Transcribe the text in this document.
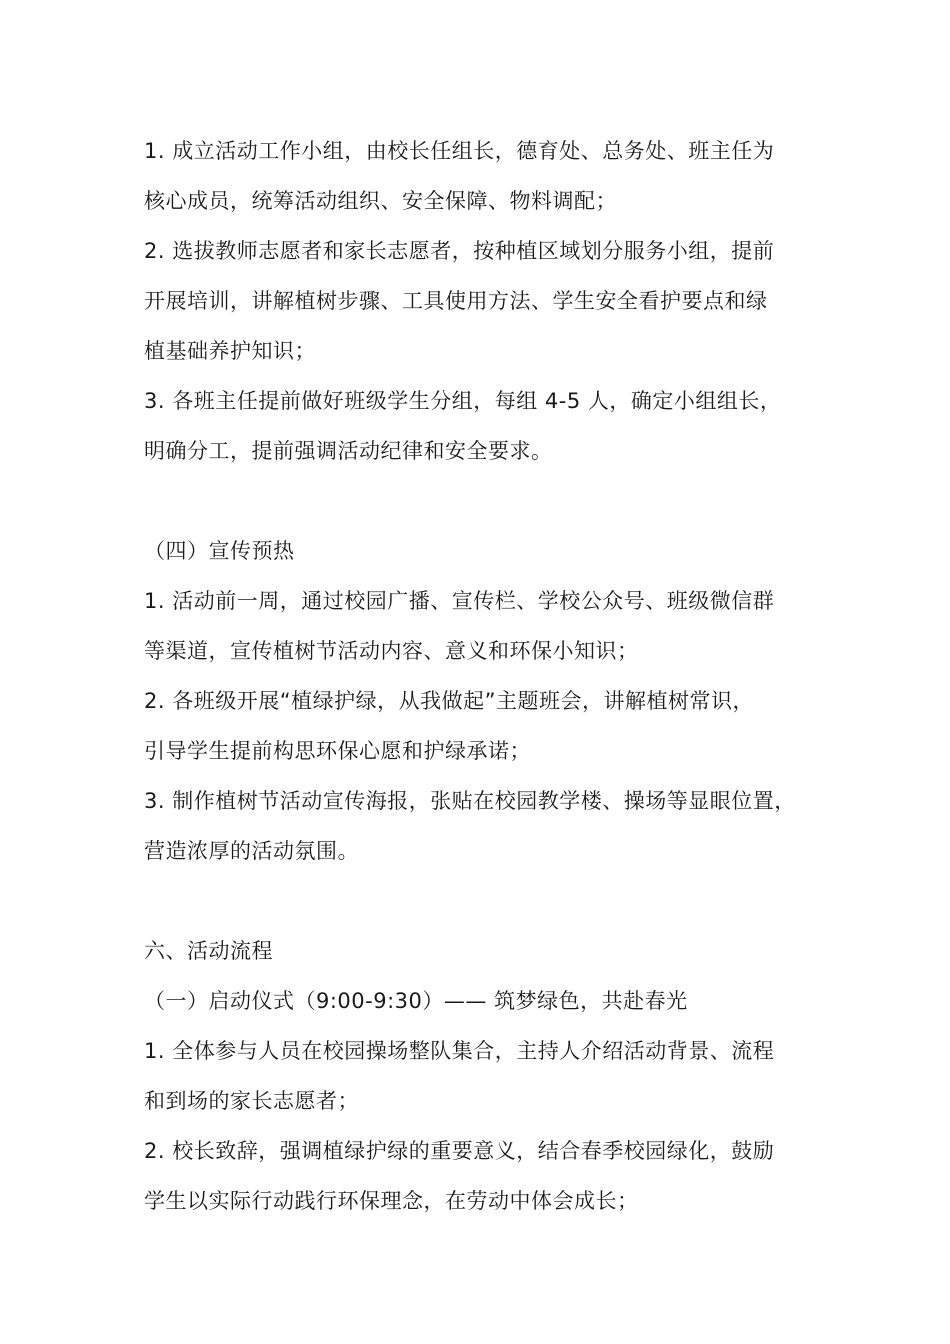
1. 成立活动工作小组，由校长任组长，德育处、总务处、班主任为
核心成员，统筹活动组织、安全保障、物料调配；
2. 选拔教师志愿者和家长志愿者，按种植区域划分服务小组，提前
开展培训，讲解植树步骤、工具使用方法、学生安全看护要点和绿
植基础养护知识；
3. 各班主任提前做好班级学生分组，每组 4-5 人，确定小组组长，
明确分工，提前强调活动纪律和安全要求。
（四）宣传预热
1. 活动前一周，通过校园广播、宣传栏、学校公众号、班级微信群
等渠道，宣传植树节活动内容、意义和环保小知识；
2. 各班级开展“植绿护绿，从我做起”主题班会，讲解植树常识，
引导学生提前构思环保心愿和护绿承诺；
3. 制作植树节活动宣传海报，张贴在校园教学楼、操场等显眼位置，
营造浓厚的活动氛围。
六、活动流程
（一）启动仪式（9:00-9:30）—— 筑梦绿色，共赴春光
1. 全体参与人员在校园操场整队集合，主持人介绍活动背景、流程
和到场的家长志愿者；
2. 校长致辞，强调植绿护绿的重要意义，结合春季校园绿化，鼓励
学生以实际行动践行环保理念，在劳动中体会成长；
